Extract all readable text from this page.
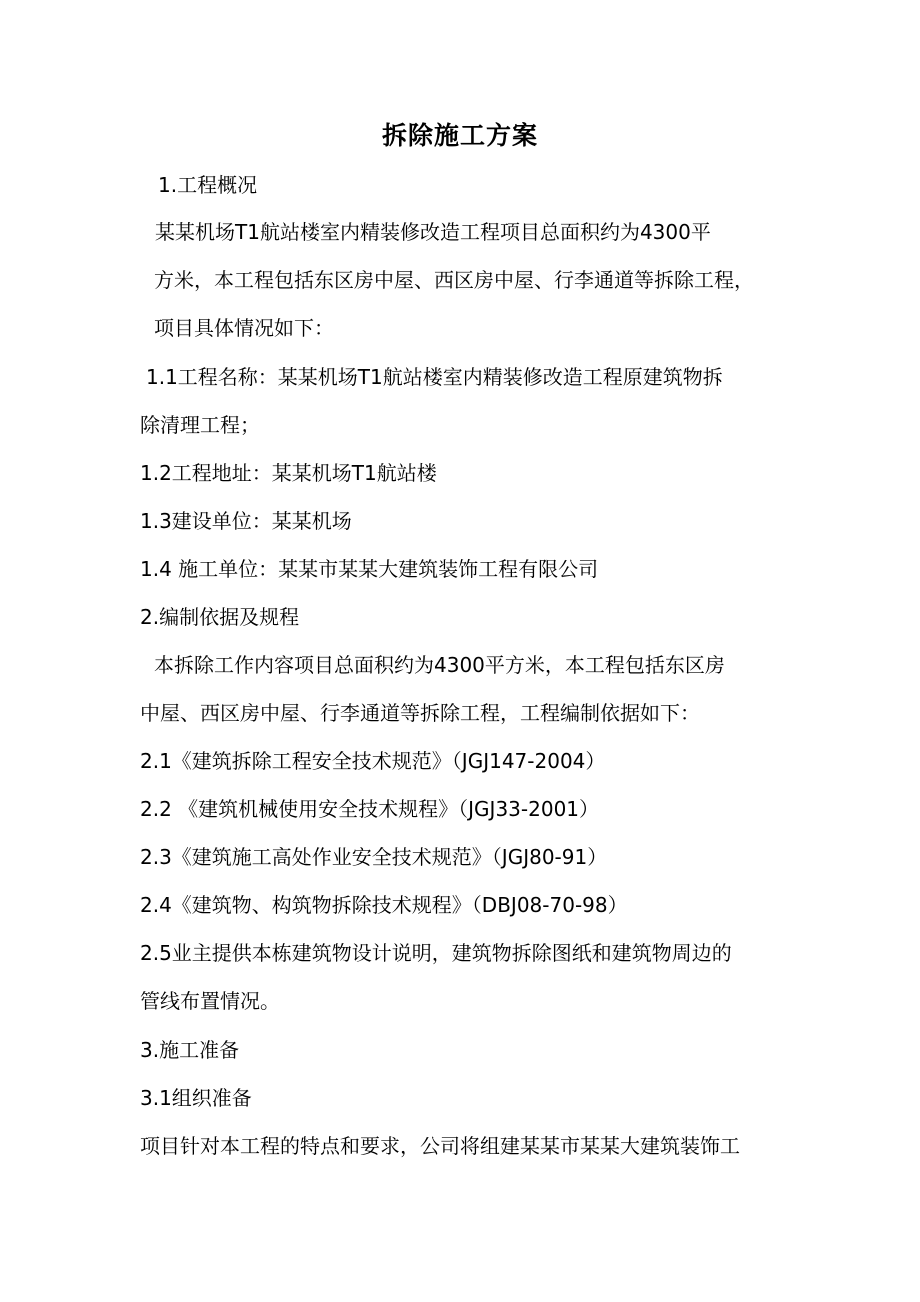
拆除施工方案
1.工程概况
某某机场T1航站楼室内精装修改造工程项目总面积约为4300平
方米，本工程包括东区房中屋、西区房中屋、行李通道等拆除工程，
项目具体情况如下：
1.1工程名称：某某机场T1航站楼室内精装修改造工程原建筑物拆
除清理工程；
1.2工程地址：某某机场T1航站楼
1.3建设单位：某某机场
1.4 施工单位：某某市某某大建筑装饰工程有限公司
2.编制依据及规程
本拆除工作内容项目总面积约为4300平方米，本工程包括东区房
中屋、西区房中屋、行李通道等拆除工程，工程编制依据如下：
2.1《建筑拆除工程安全技术规范》（JGJ147-2004）
2.2 《建筑机械使用安全技术规程》（JGJ33-2001）
2.3《建筑施工高处作业安全技术规范》（JGJ80-91）
2.4《建筑物、构筑物拆除技术规程》（DBJ08-70-98）
2.5业主提供本栋建筑物设计说明，建筑物拆除图纸和建筑物周边的
管线布置情况。
3.施工准备
3.1组织准备
项目针对本工程的特点和要求，公司将组建某某市某某大建筑装饰工
